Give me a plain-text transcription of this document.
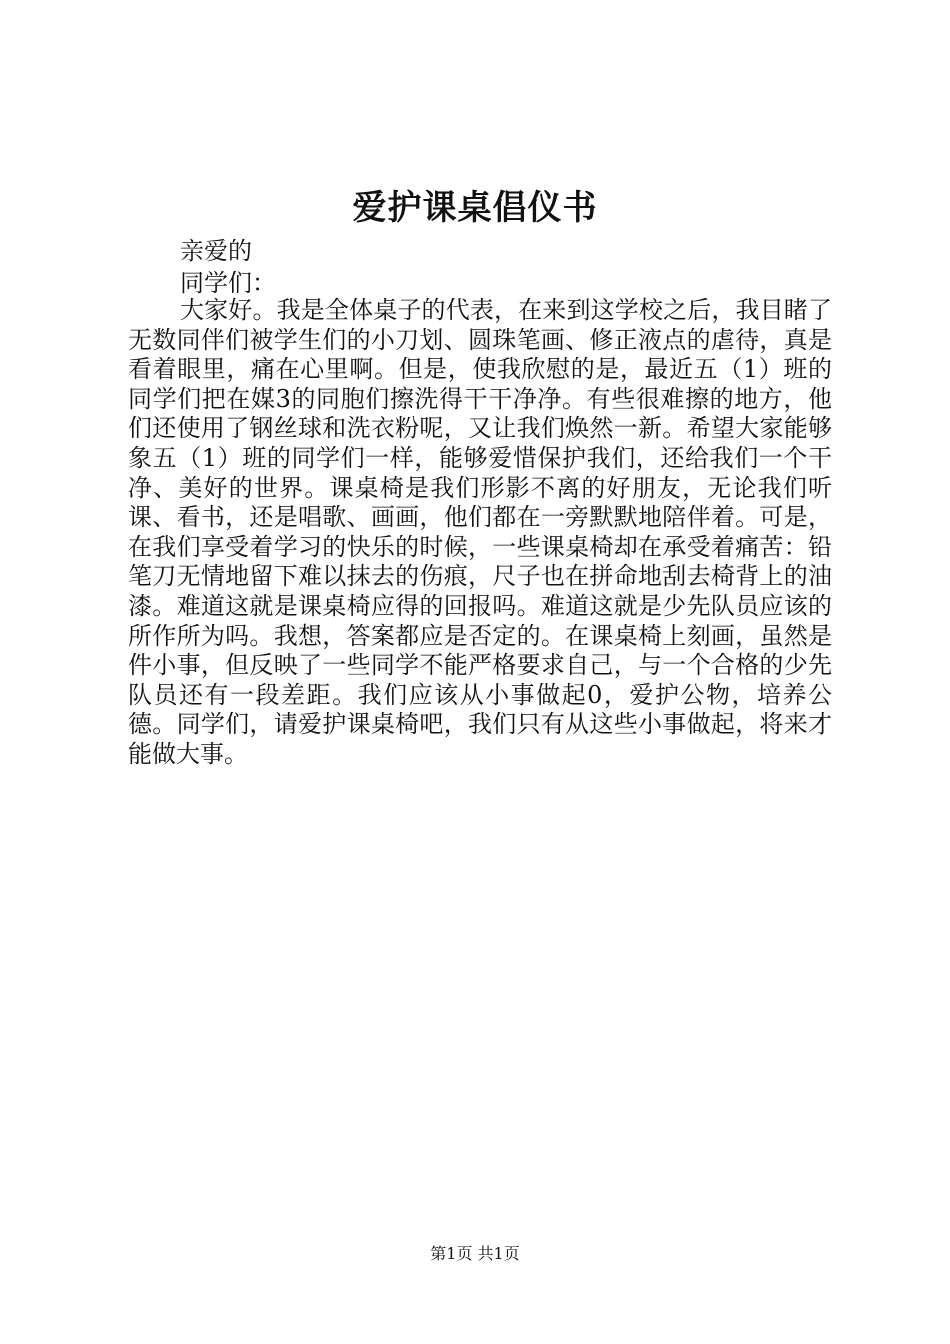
爱护课桌倡仪书
亲爱的
同学们：

大家好。我是全体桌子的代表，在来到这学校之后，我目睹了无数同伴们被学生们的小刀划、圆珠笔画、修正液点的虐待，真是看着眼里，痛在心里啊。但是，使我欣慰的是，最近五（1）班的同学们把在媒3的同胞们擦洗得干干净净。有些很难擦的地方，他们还使用了钢丝球和洗衣粉呢，又让我们焕然一新。希望大家能够象五（1）班的同学们一样，能够爱惜保护我们，还给我们一个干净、美好的世界。课桌椅是我们形影不离的好朋友，无论我们听课、看书，还是唱歌、画画，他们都在一旁默默地陪伴着。可是，在我们享受着学习的快乐的时候，一些课桌椅却在承受着痛苦：铅笔刀无情地留下难以抹去的伤痕，尺子也在拼命地刮去椅背上的油漆。难道这就是课桌椅应得的回报吗。难道这就是少先队员应该的所作所为吗。我想，答案都应是否定的。在课桌椅上刻画，虽然是件小事，但反映了一些同学不能严格要求自己，与一个合格的少先队员还有一段差距。我们应该从小事做起0，爱护公物，培养公德。同学们，请爱护课桌椅吧，我们只有从这些小事做起，将来才能做大事。

第1页 共1页
